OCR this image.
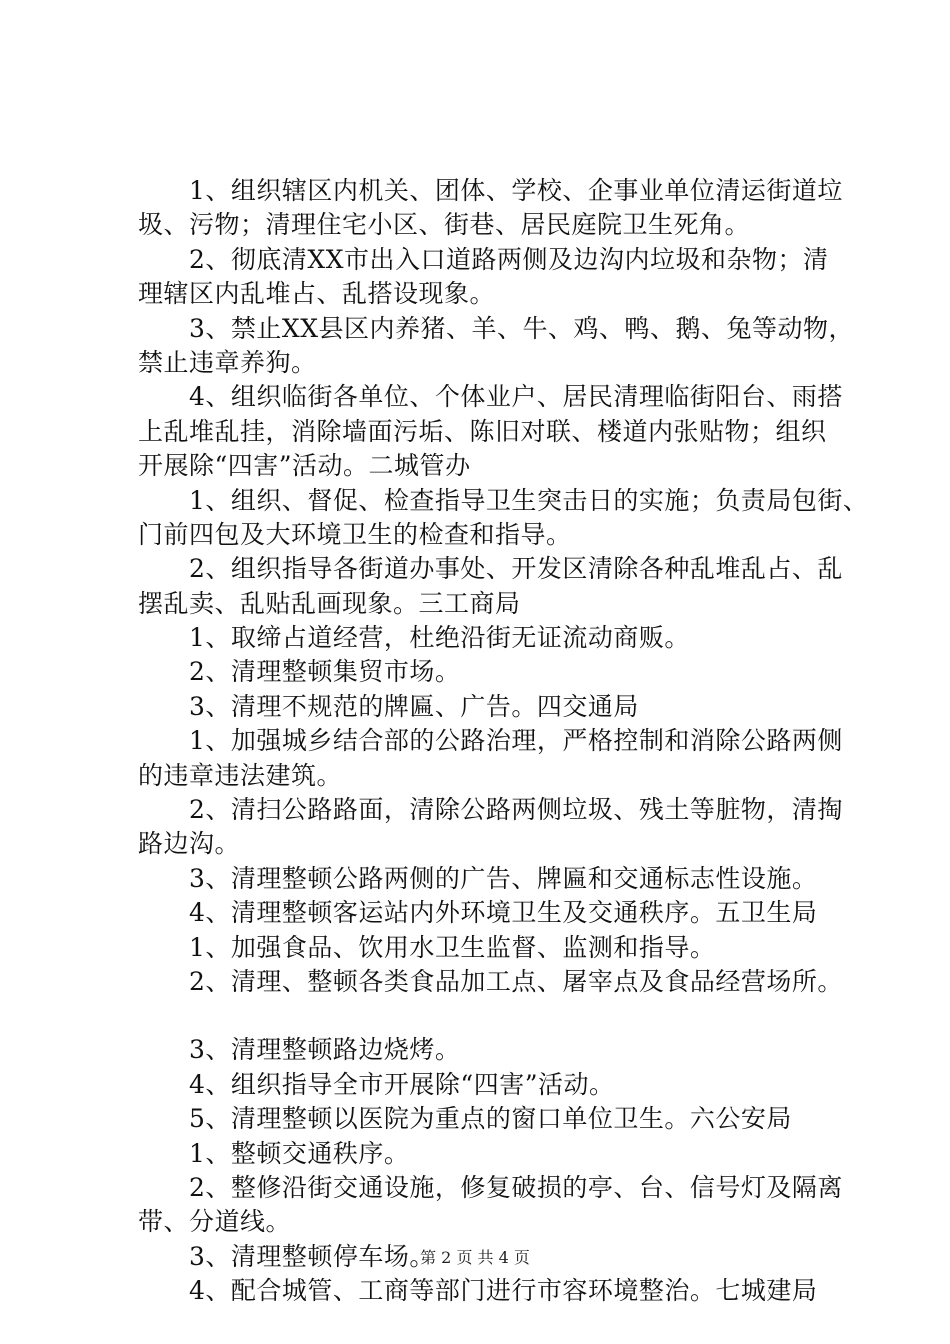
　　1、组织辖区内机关、团体、学校、企事业单位清运街道垃
圾、污物；清理住宅小区、街巷、居民庭院卫生死角。
　　2、彻底清XX市出入口道路两侧及边沟内垃圾和杂物；清
理辖区内乱堆占、乱搭设现象。
　　3、禁止XX县区内养猪、羊、牛、鸡、鸭、鹅、兔等动物，
禁止违章养狗。
　　4、组织临街各单位、个体业户、居民清理临街阳台、雨搭
上乱堆乱挂，消除墙面污垢、陈旧对联、楼道内张贴物；组织
开展除“四害”活动。二城管办
　　1、组织、督促、检查指导卫生突击日的实施；负责局包街、
门前四包及大环境卫生的检查和指导。
　　2、组织指导各街道办事处、开发区清除各种乱堆乱占、乱
摆乱卖、乱贴乱画现象。三工商局
　　1、取缔占道经营，杜绝沿街无证流动商贩。
　　2、清理整顿集贸市场。
　　3、清理不规范的牌匾、广告。四交通局
　　1、加强城乡结合部的公路治理，严格控制和消除公路两侧
的违章违法建筑。
　　2、清扫公路路面，清除公路两侧垃圾、残土等脏物，清掏
路边沟。
　　3、清理整顿公路两侧的广告、牌匾和交通标志性设施。
　　4、清理整顿客运站内外环境卫生及交通秩序。五卫生局
　　1、加强食品、饮用水卫生监督、监测和指导。
　　2、清理、整顿各类食品加工点、屠宰点及食品经营场所。
　　3、清理整顿路边烧烤。
　　4、组织指导全市开展除“四害”活动。
　　5、清理整顿以医院为重点的窗口单位卫生。六公安局
　　1、整顿交通秩序。
　　2、整修沿街交通设施，修复破损的亭、台、信号灯及隔离
带、分道线。
　　3、清理整顿停车场。
　　4、配合城管、工商等部门进行市容环境整治。七城建局
第 2 页 共 4 页
